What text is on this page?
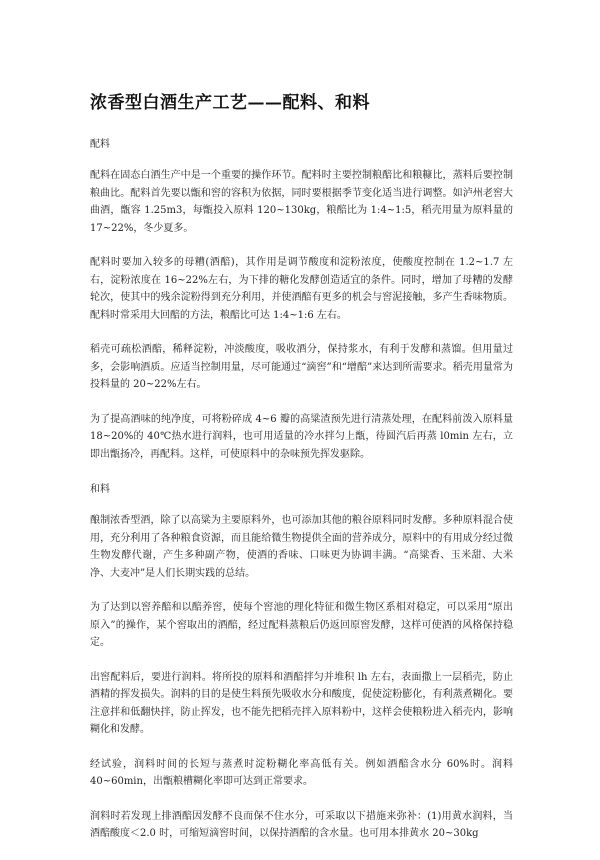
浓香型白酒生产工艺——配料、和料
配料

配料在固态白酒生产中是一个重要的操作环节。配料时主要控制粮醅比和粮糠比，蒸料后要控制粮曲比。配料首先要以甑和窖的容积为依据，同时要根据季节变化适当进行调整。如泸州老窖大曲酒，甑容 1.25m3，每甑投入原料 120~130kg，粮醅比为 1:4~1:5，稻壳用量为原料量的 17~22%，冬少夏多。

配料时要加入较多的母糟(酒醅)，其作用是调节酸度和淀粉浓度，使酸度控制在 1.2~1.7 左右，淀粉浓度在 16~22%左右，为下排的糖化发酵创造适宜的条件。同时，增加了母糟的发酵轮次，使其中的残余淀粉得到充分利用，并使酒醅有更多的机会与窖泥接触，多产生香味物质。配料时常采用大回醅的方法，粮醅比可达 1:4~1:6 左右。

稻壳可疏松酒醅，稀释淀粉，冲淡酸度，吸收酒分，保持浆水，有利于发酵和蒸馏。但用量过多，会影响酒质。应适当控制用量，尽可能通过“滴窖”和“增醅”来达到所需要求。稻壳用量常为投料量的 20~22%左右。

为了提高酒味的纯净度，可将粉碎成 4~6 瓣的高粱渣预先进行清蒸处理，在配料前泼入原料量 18~20%的 40℃热水进行润料，也可用适量的冷水拌匀上甑，待圆汽后再蒸 l0min 左右，立即出甑扬冷，再配料。这样，可使原料中的杂味预先挥发驱除。

和料

酿制浓香型酒，除了以高粱为主要原料外，也可添加其他的粮谷原料同时发酵。多种原料混合使用，充分利用了各种粮食资源，而且能给微生物提供全面的营养成分，原料中的有用成分经过微生物发酵代谢，产生多种副产物，使酒的香味、口味更为协调丰满。“高粱香、玉米甜、大米净、大麦冲”是人们长期实践的总结。

为了达到以窖养醅和以醅养窖，使每个窖池的理化特征和微生物区系相对稳定，可以采用“原出原入”的操作，某个窖取出的酒醅，经过配料蒸粮后仍返回原窖发酵，这样可使酒的风格保持稳定。

出窖配料后，要进行润料。将所投的原料和酒醅拌匀并堆积 lh 左右，表面撒上一层稻壳，防止酒精的挥发损失。润料的目的是使生料预先吸收水分和酸度，促使淀粉膨化，有利蒸煮糊化。要注意拌和低翻快拌，防止挥发，也不能先把稻壳拌入原料粉中，这样会使粮粉进入稻壳内，影响糊化和发酵。

经试验，润料时间的长短与蒸煮时淀粉糊化率高低有关。例如酒醅含水分 60%时。润料 40~60min，出甑粮槽糊化率即可达到正常要求。

润料时若发现上排酒醅因发酵不良而保不住水分，可采取以下措施来弥补：(1)用黄水润料，当酒醅酸度＜2.0 时，可缩短滴窖时间，以保持酒醅的含水量。也可用本排黄水 20~30kg
